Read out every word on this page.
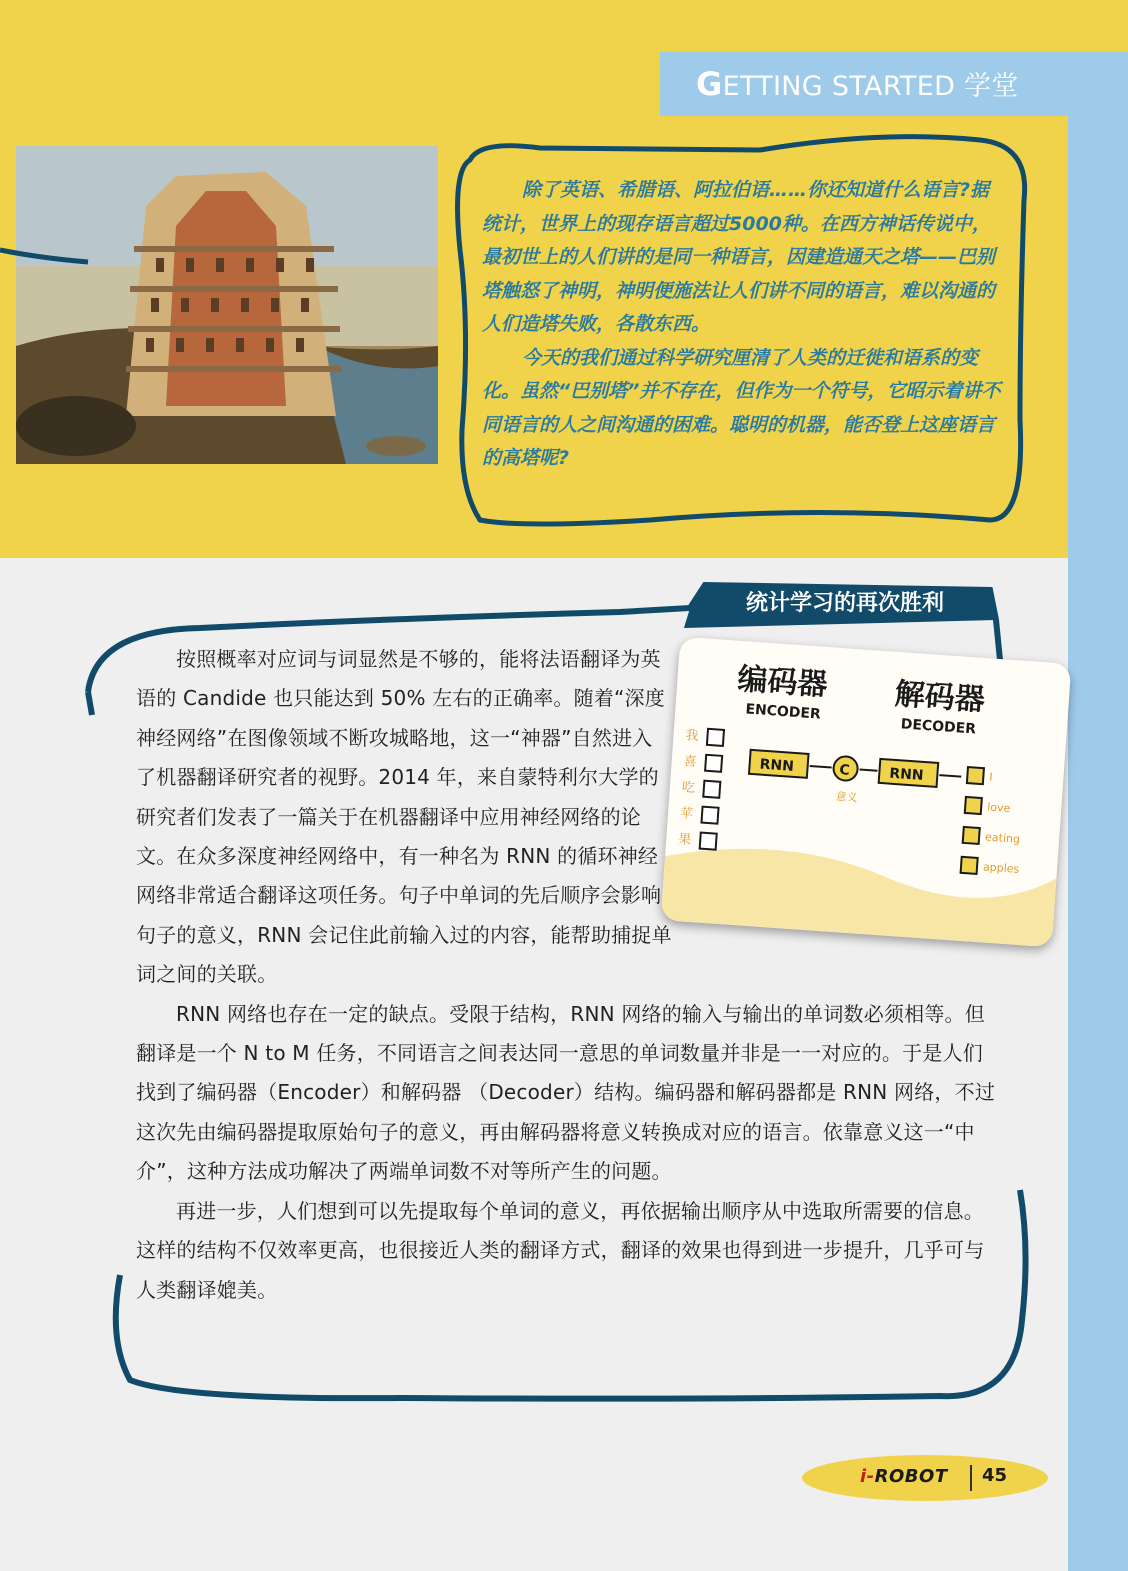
GETTING STARTED 学堂

除了英语、希腊语、阿拉伯语……你还知道什么语言?据统计，世界上的现存语言超过5000种。在西方神话传说中，最初世上的人们讲的是同一种语言，因建造通天之塔——巴别塔触怒了神明，神明便施法让人们讲不同的语言，难以沟通的人们造塔失败，各散东西。

今天的我们通过科学研究厘清了人类的迁徙和语系的变化。虽然“巴别塔”并不存在，但作为一个符号，它昭示着讲不同语言的人之间沟通的困难。聪明的机器，能否登上这座语言的高塔呢?

统计学习的再次胜利
编码器
ENCODER 解码器
DECODER
我
喜
吃
苹
果
RNN	C
意义
RNN	I
love
eating
apples

按照概率对应词与词显然是不够的，能将法语翻译为英语的 Candide 也只能达到 50% 左右的正确率。随着“深度神经网络”在图像领域不断攻城略地，这一“神器”自然进入了机器翻译研究者的视野。2014 年，来自蒙特利尔大学的研究者们发表了一篇关于在机器翻译中应用神经网络的论文。在众多深度神经网络中，有一种名为 RNN 的循环神经网络非常适合翻译这项任务。句子中单词的先后顺序会影响句子的意义，RNN 会记住此前输入过的内容，能帮助捕捉单词之间的关联。

RNN 网络也存在一定的缺点。受限于结构，RNN 网络的输入与输出的单词数必须相等。但翻译是一个 N to M 任务，不同语言之间表达同一意思的单词数量并非是一一对应的。于是人们找到了编码器（Encoder）和解码器 （Decoder）结构。编码器和解码器都是 RNN 网络，不过这次先由编码器提取原始句子的意义，再由解码器将意义转换成对应的语言。依靠意义这一“中介”，这种方法成功解决了两端单词数不对等所产生的问题。

再进一步，人们想到可以先提取每个单词的意义，再依据输出顺序从中选取所需要的信息。这样的结构不仅效率更高，也很接近人类的翻译方式，翻译的效果也得到进一步提升，几乎可与人类翻译媲美。

i-ROBOT 45
